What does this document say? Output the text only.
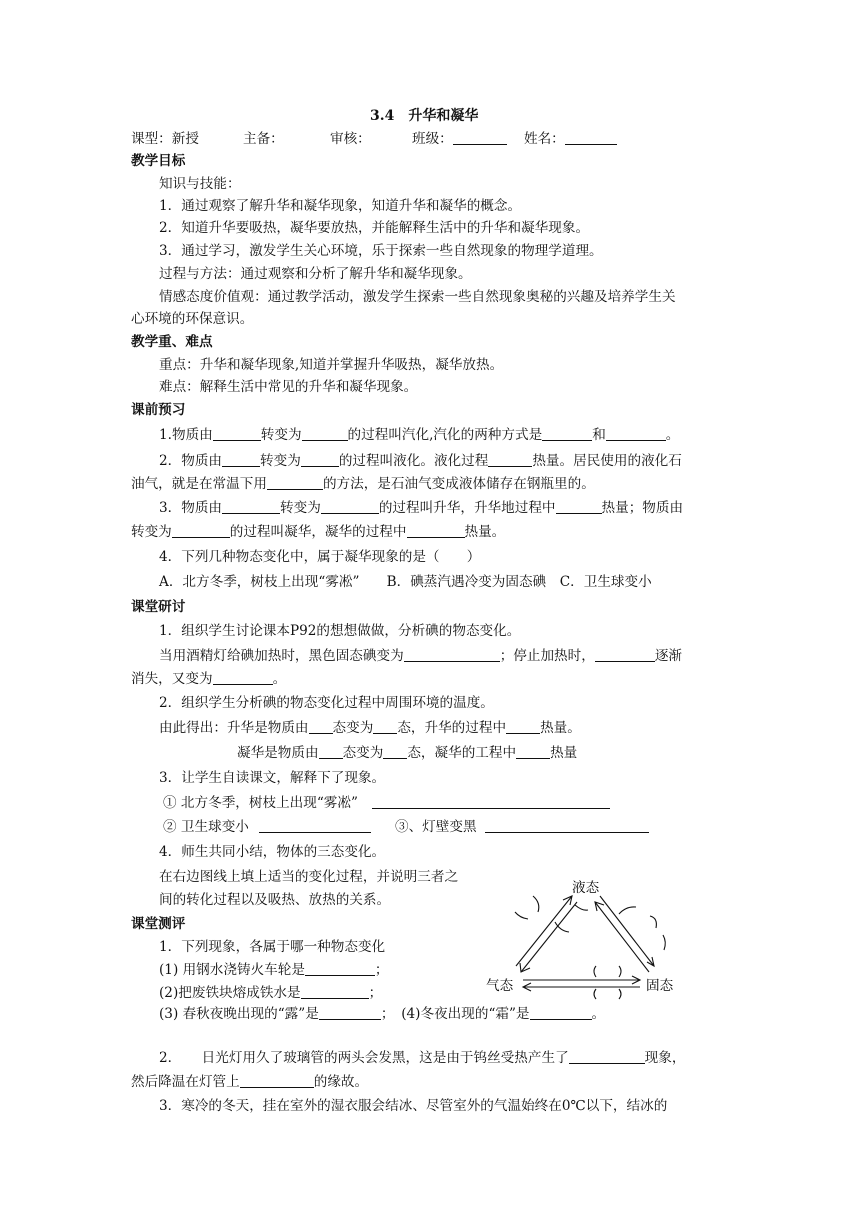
3.4　升华和凝华
课型：新授	主备：	审核：	班级：	姓名：
教学目标
知识与技能：
1．通过观察了解升华和凝华现象，知道升华和凝华的概念。
2．知道升华要吸热，凝华要放热，并能解释生活中的升华和凝华现象。
3．通过学习，激发学生关心环境，乐于探索一些自然现象的物理学道理。
过程与方法：通过观察和分析了解升华和凝华现象。
情感态度价值观：通过教学活动，激发学生探索一些自然现象奥秘的兴趣及培养学生关
心环境的环保意识。
教学重、难点
重点：升华和凝华现象,知道并掌握升华吸热，凝华放热。
难点：解释生活中常见的升华和凝华现象。
课前预习
1.物质由	转变为	的过程叫汽化,汽化的两种方式是	和	。
2．物质由	转变为	的过程叫液化。液化过程	热量。居民使用的液化石
油气，就是在常温下用	的方法，是石油气变成液体储存在钢瓶里的。
3．物质由	转变为	的过程叫升华，升华地过程中	热量；物质由
转变为	的过程叫凝华，凝华的过程中	热量。
4．下列几种物态变化中，属于凝华现象的是（　　）
A．北方冬季，树枝上出现“雾凇”　　B．碘蒸汽遇冷变为固态碘　C．卫生球变小
课堂研讨
1．组织学生讨论课本P92的想想做做，分析碘的物态变化。
当用酒精灯给碘加热时，黑色固态碘变为	；停止加热时，	逐渐
消失，又变为	。
2．组织学生分析碘的物态变化过程中周围环境的温度。
由此得出：升华是物质由 态变为 态，升华的过程中	热量。
凝华是物质由 态变为 态，凝华的工程中	热量
3．让学生自读课文，解释下了现象。
① 北方冬季，树枝上出现“雾凇”
② 卫生球变小	③、灯壁变黑
4．师生共同小结，物体的三态变化。
在右边图线上填上适当的变化过程，并说明三者之
间的转化过程以及吸热、放热的关系。
液态
气态	固态
课堂测评
1．下列现象，各属于哪一种物态变化
(1) 用钢水浇铸火车轮是	；
(2)把废铁块熔成铁水是	；
(3) 春秋夜晚出现的“露”是	；　(4)冬夜出现的“霜”是	。
2．　　日光灯用久了玻璃管的两头会发黑，这是由于钨丝受热产生了	现象，
然后降温在灯管上	的缘故。
3．寒冷的冬天，挂在室外的湿衣服会结冰、尽管室外的气温始终在0℃以下，结冰的
